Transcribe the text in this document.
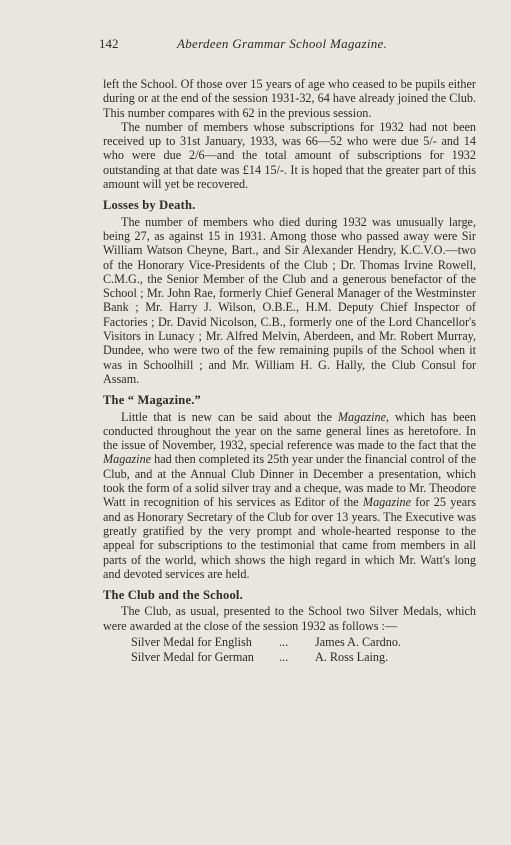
142	Aberdeen Grammar School Magazine.

left the School. Of those over 15 years of age who ceased to be pupils either during or at the end of the session 1931-32, 64 have already joined the Club. This number compares with 62 in the previous session.

The number of members whose subscriptions for 1932 had not been received up to 31st January, 1933, was 66—52 who were due 5/- and 14 who were due 2/6—and the total amount of subscriptions for 1932 outstanding at that date was £14 15/-. It is hoped that the greater part of this amount will yet be recovered.

Losses by Death.

The number of members who died during 1932 was unusually large, being 27, as against 15 in 1931. Among those who passed away were Sir William Watson Cheyne, Bart., and Sir Alexander Hendry, K.C.V.O.—two of the Honorary Vice-Presidents of the Club ; Dr. Thomas Irvine Rowell, C.M.G., the Senior Member of the Club and a generous benefactor of the School ; Mr. John Rae, formerly Chief General Manager of the Westminster Bank ; Mr. Harry J. Wilson, O.B.E., H.M. Deputy Chief Inspector of Factories ; Dr. David Nicolson, C.B., formerly one of the Lord Chancellor's Visitors in Lunacy ; Mr. Alfred Melvin, Aberdeen, and Mr. Robert Murray, Dundee, who were two of the few remaining pupils of the School when it was in Schoolhill ; and Mr. William H. G. Hally, the Club Consul for Assam.

The “ Magazine.”

Little that is new can be said about the Magazine, which has been conducted throughout the year on the same general lines as heretofore. In the issue of November, 1932, special reference was made to the fact that the Magazine had then completed its 25th year under the financial control of the Club, and at the Annual Club Dinner in December a presentation, which took the form of a solid silver tray and a cheque, was made to Mr. Theodore Watt in recognition of his services as Editor of the Magazine for 25 years and as Honorary Secretary of the Club for over 13 years. The Executive was greatly gratified by the very prompt and whole-hearted response to the appeal for subscriptions to the testimonial that came from members in all parts of the world, which shows the high regard in which Mr. Watt's long and devoted services are held.

The Club and the School.

The Club, as usual, presented to the School two Silver Medals, which were awarded at the close of the session 1932 as follows :—

Silver Medal for English	...	James A. Cardno.
Silver Medal for German	...	A. Ross Laing.
